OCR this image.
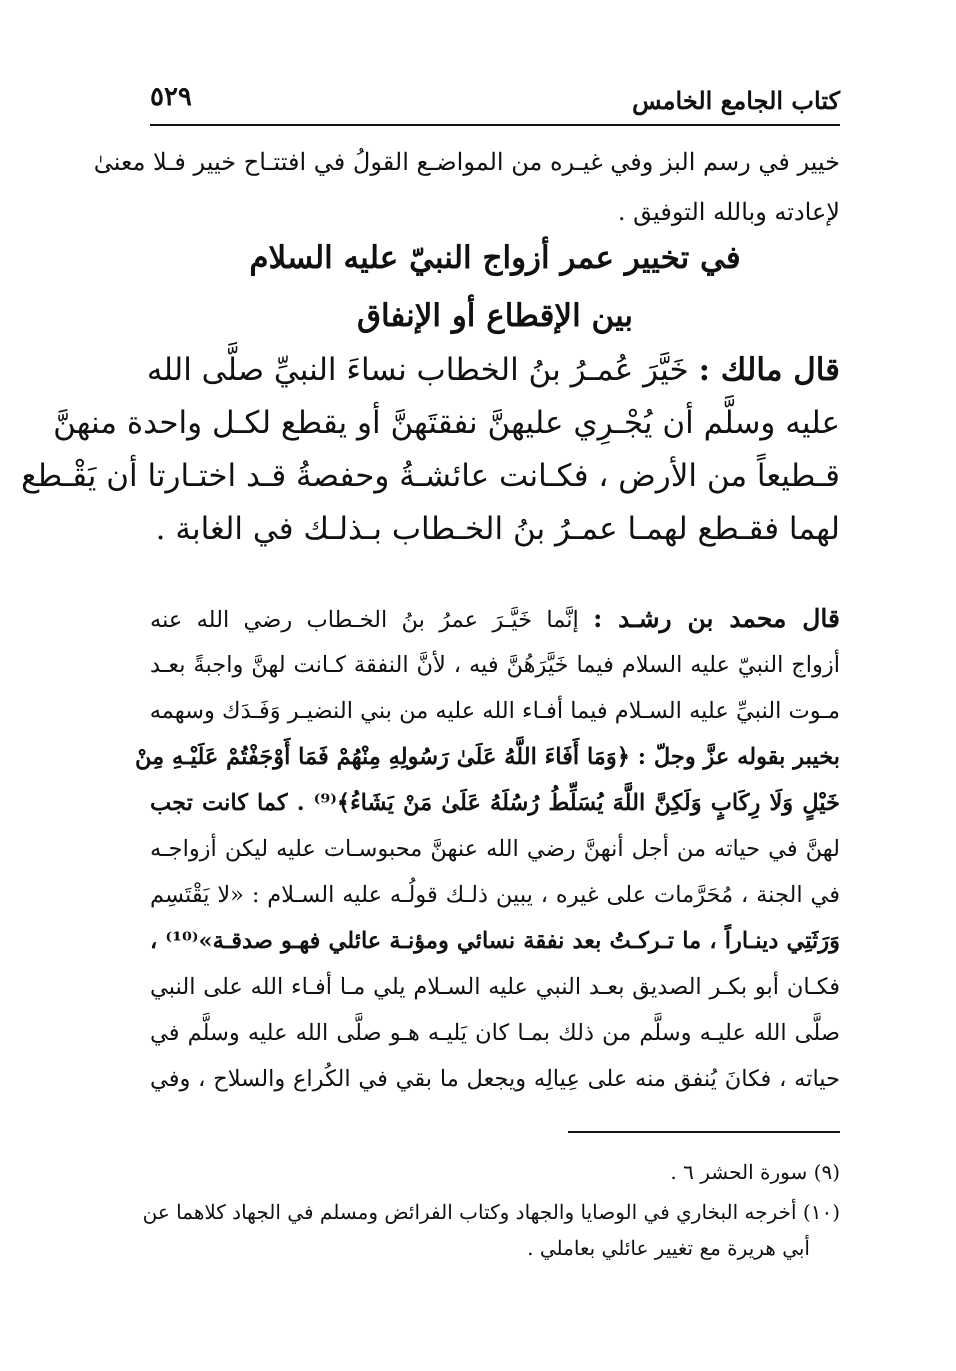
كتاب الجامع الخامس
٥٢٩
خيير في رسم البز وفي غيـره من المواضـع القولُ في افتتـاح خيير فـلا معنىٰ
لإعادته وبالله التوفيق .
في تخيير عمر أزواج النبيّ عليه السلام
بين الإقطاع أو الإنفاق
قال مالك : خَيَّرَ عُمـرُ بنُ الخطاب نساءَ النبيِّ صلَّى الله
عليه وسلَّم أن يُجْـرِي عليهنَّ نفقتَهنَّ أو يقطع لكـل واحدة منهنَّ
قـطيعاً من الأرض ، فكـانت عائشـةُ وحفصةُ قـد اختـارتا أن يَقْـطع
لهما فقـطع لهمـا عمـرُ بنُ الخـطاب بـذلـك في الغابة .
قال محمد بن رشـد : إنَّما خَيَّـرَ عمرُ بنُ الخـطاب رضي الله عنه
أزواج النبيّ عليه السلام فيما خَيَّرَهُنَّ فيه ، لأنَّ النفقة كـانت لهنَّ واجبةً بعـد
مـوت النبيِّ عليه السـلام فيما أفـاء الله عليه من بني النضيـر وَفَـدَك وسهمه
بخيبر بقوله عزَّ وجلّ : ﴿وَمَا أَفَاءَ اللَّهُ عَلَىٰ رَسُولِهِ مِنْهُمْ فَمَا أَوْجَفْتُمْ عَلَيْـهِ مِنْ
خَيْلٍ وَلَا رِكَابٍ وَلَكِنَّ اللَّهَ يُسَلِّطُ رُسُلَهُ عَلَىٰ مَنْ يَشَاءُ﴾⁽⁹⁾ . كما كانت تجب
لهنَّ في حياته من أجل أنهنَّ رضي الله عنهنَّ محبوسـات عليه ليكن أزواجـه
في الجنة ، مُحَرَّمات على غيره ، يبين ذلـك قولُـه عليه السـلام : «لا يَقْتَسِم
وَرَثَتِي دينـاراً ، ما تـركـتُ بعد نفقة نسائي ومؤنـة عائلي فهـو صدقـة»⁽¹⁰⁾ ،
فكـان أبو بكـر الصديق بعـد النبي عليه السـلام يلي مـا أفـاء الله على النبي
صلَّى الله عليـه وسلَّم من ذلك بمـا كان يَليـه هـو صلَّى الله عليه وسلَّم في
حياته ، فكانَ يُنفق منه على عِيالِه ويجعل ما بقي في الكُراع والسلاح ، وفي
(٩) سورة الحشر ٦ .
(١٠) أخرجه البخاري في الوصايا والجهاد وكتاب الفرائض ومسلم في الجهاد كلاهما عن
أبي هريرة مع تغيير عائلي بعاملي .
